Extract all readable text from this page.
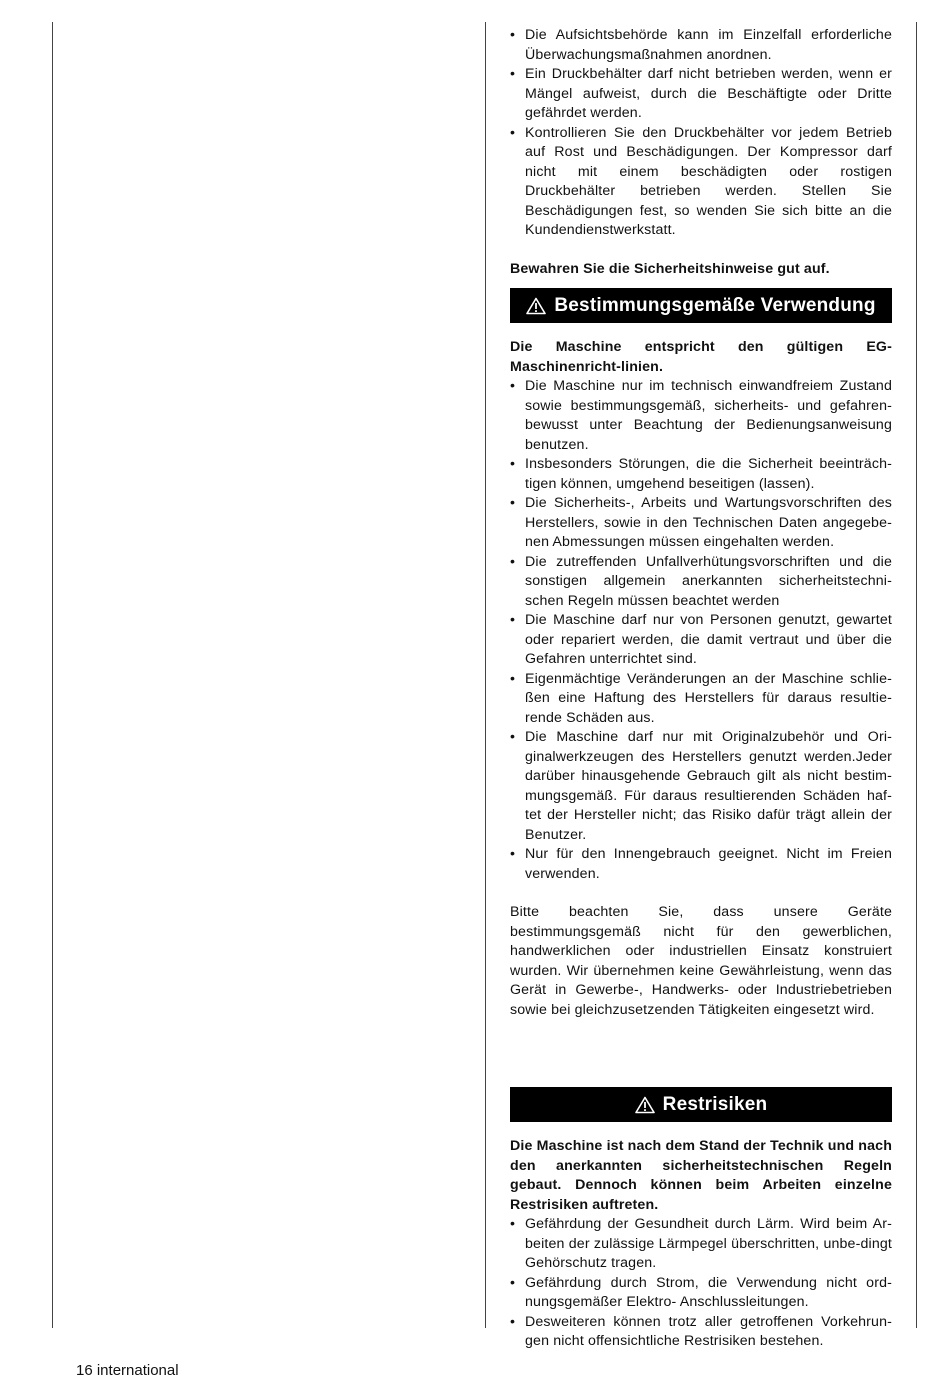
• Die Aufsichtsbehörde kann im Einzelfall erforderliche Überwachungsmaßnahmen anordnen.
• Ein Druckbehälter darf nicht betrieben werden, wenn er Mängel aufweist, durch die Beschäftigte oder Dritte gefährdet werden.
• Kontrollieren Sie den Druckbehälter vor jedem Betrieb auf Rost und Beschädigungen. Der Kompressor darf nicht mit einem beschädigten oder rostigen Druckbehälter betrieben werden. Stellen Sie Beschädigungen fest, so wenden Sie sich bitte an die Kundendienstwerkstatt.
Bewahren Sie die Sicherheitshinweise gut auf.
Bestimmungsgemäße Verwendung

Die Maschine entspricht den gültigen EG-Maschinenricht-linien.

• Die Maschine nur im technisch einwandfreiem Zustand sowie bestimmungsgemäß, sicherheits- und gefahren-bewusst unter Beachtung der Bedienungsanweisung benutzen.
• Insbesonders Störungen, die die Sicherheit beeinträch-tigen können, umgehend beseitigen (lassen).
• Die Sicherheits-, Arbeits und Wartungsvorschriften des Herstellers, sowie in den Technischen Daten angegebe-nen Abmessungen müssen eingehalten werden.
• Die zutreffenden Unfallverhütungsvorschriften und die sonstigen allgemein anerkannten sicherheitstechni-schen Regeln müssen beachtet werden
• Die Maschine darf nur von Personen genutzt, gewartet oder repariert werden, die damit vertraut und über die Gefahren unterrichtet sind.
• Eigenmächtige Veränderungen an der Maschine schlie-ßen eine Haftung des Herstellers für daraus resultie-rende Schäden aus.
• Die Maschine darf nur mit Originalzubehör und Ori-ginalwerkzeugen des Herstellers genutzt werden.Jeder darüber hinausgehende Gebrauch gilt als nicht bestim-mungsgemäß. Für daraus resultierenden Schäden haf-tet der Hersteller nicht; das Risiko dafür trägt allein der Benutzer.
• Nur für den Innengebrauch geeignet. Nicht im Freien verwenden.
Bitte beachten Sie, dass unsere Geräte bestimmungsgemäß nicht für den gewerblichen, handwerklichen oder industriellen Einsatz konstruiert wurden. Wir übernehmen keine Gewährleistung, wenn das Gerät in Gewerbe-, Handwerks- oder Industriebetrieben sowie bei gleichzusetzenden Tätigkeiten eingesetzt wird.
Restrisiken

Die Maschine ist nach dem Stand der Technik und nach den anerkannten sicherheitstechnischen Regeln gebaut. Dennoch können beim Arbeiten einzelne Restrisiken auftreten.

• Gefährdung der Gesundheit durch Lärm. Wird beim Ar-beiten der zulässige Lärmpegel überschritten, unbe-dingt Gehörschutz tragen.
• Gefährdung durch Strom, die Verwendung nicht ord-nungsgemäßer Elektro- Anschlussleitungen.
• Desweiteren können trotz aller getroffenen Vorkehrun-gen nicht offensichtliche Restrisiken bestehen.
16 international
